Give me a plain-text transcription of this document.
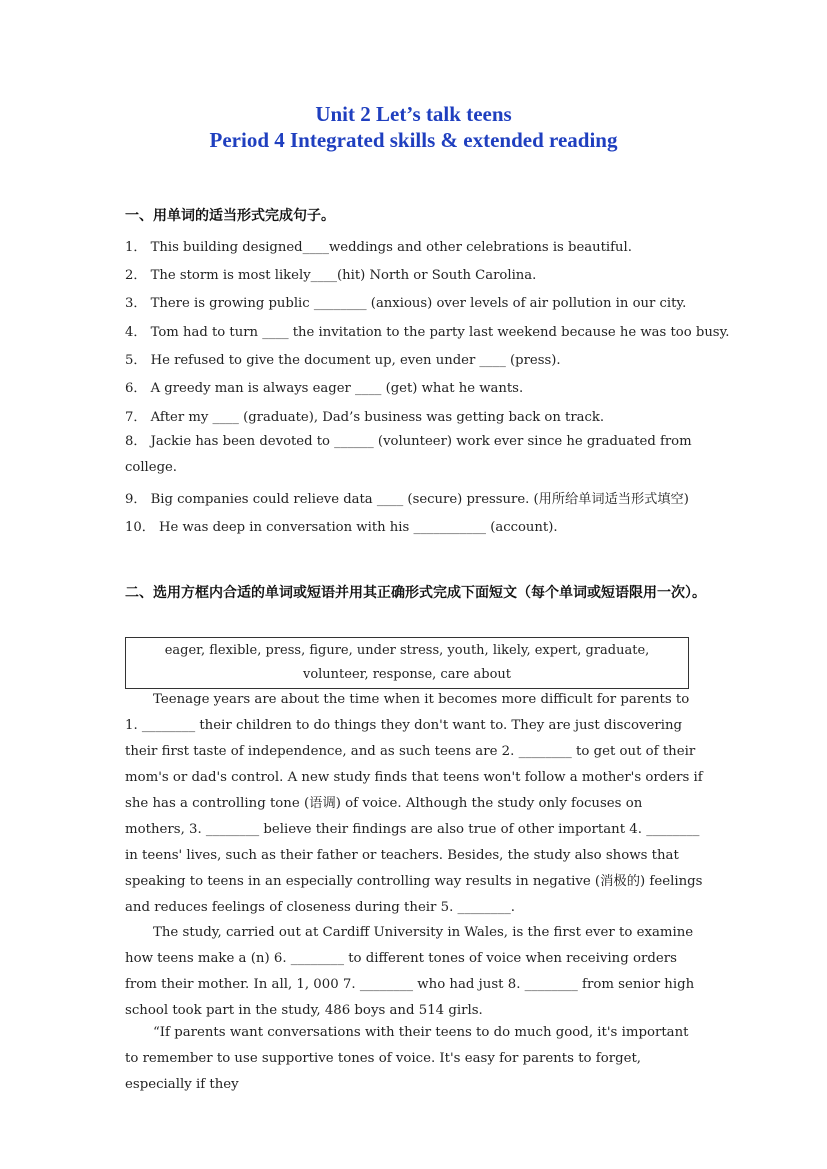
Unit 2 Let’s talk teens
Period 4 Integrated skills & extended reading
一、用单词的适当形式完成句子。
1． This building designed____weddings and other celebrations is beautiful.
2． The storm is most likely____(hit) North or South Carolina.
3． There is growing public ________ (anxious) over levels of air pollution in our city.
4． Tom had to turn ____ the invitation to the party last weekend because he was too busy.
5． He refused to give the document up, even under ____ (press).
6． A greedy man is always eager ____ (get) what he wants.
7． After my ____ (graduate), Dad’s business was getting back on track.
8． Jackie has been devoted to ______ (volunteer) work ever since he graduated from college.
9． Big companies could relieve data ____ (secure) pressure. (用所给单词适当形式填空)
10． He was deep in conversation with his ___________ (account).
二、选用方框内合适的单词或短语并用其正确形式完成下面短文（每个单词或短语限用一次）。
eager, flexible, press, figure, under stress, youth, likely, expert, graduate, volunteer, response, care about
Teenage years are about the time when it becomes more difficult for parents to 1. ________ their children to do things they don't want to. They are just discovering their first taste of independence, and as such teens are 2. ________ to get out of their mom's or dad's control. A new study finds that teens won't follow a mother's orders if she has a controlling tone (语调) of voice. Although the study only focuses on mothers, 3. ________ believe their findings are also true of other important 4. ________ in teens' lives, such as their father or teachers. Besides, the study also shows that speaking to teens in an especially controlling way results in negative (消极的) feelings and reduces feelings of closeness during their 5. ________.
The study, carried out at Cardiff University in Wales, is the first ever to examine how teens make a (n) 6. ________ to different tones of voice when receiving orders from their mother. In all, 1, 000 7. ________ who had just 8. ________ from senior high school took part in the study, 486 boys and 514 girls.
“If parents want conversations with their teens to do much good, it's important to remember to use supportive tones of voice. It's easy for parents to forget, especially if they
